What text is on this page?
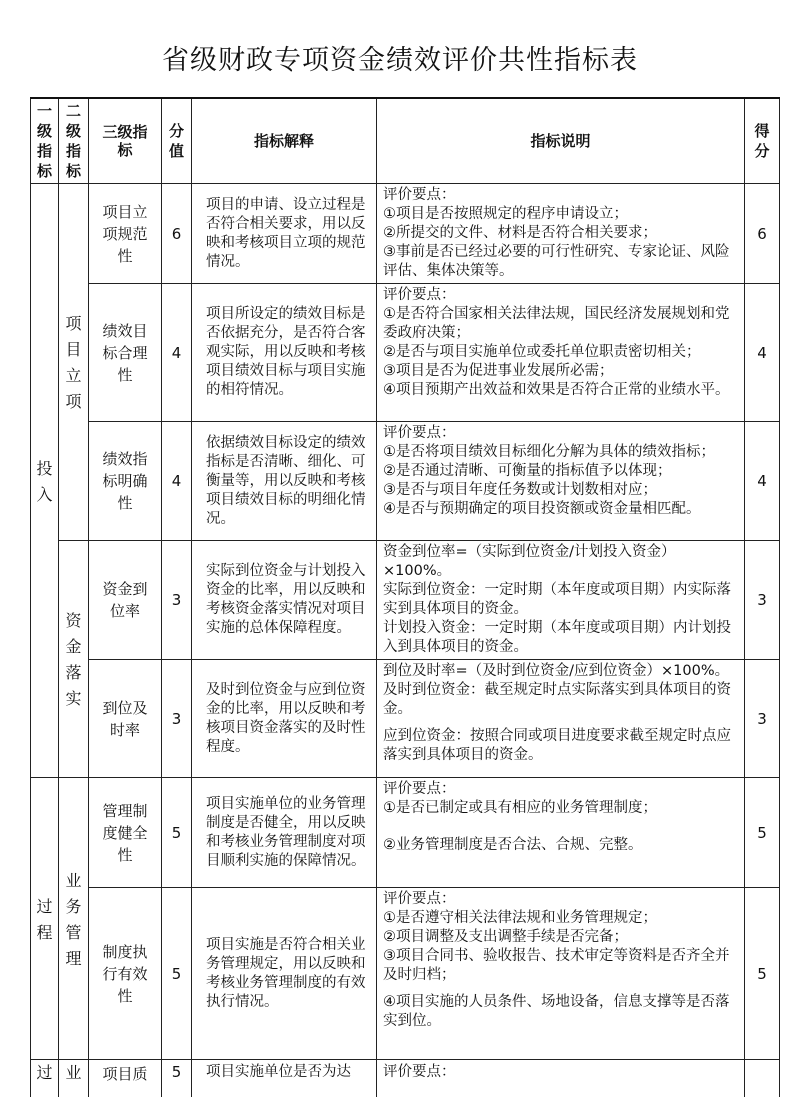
省级财政专项资金绩效评价共性指标表
一级指标	二级指标	三级指标	分值	指标解释	指标说明	得分

投入	项目立项	项目立项规范性	6	项目的申请、设立过程是否符合相关要求，用以反映和考核项目立项的规范情况。	评价要点：

①项目是否按照规定的程序申请设立；

②所提交的文件、材料是否符合相关要求；

③事前是否已经过必要的可行性研究、专家论证、风险评估、集体决策等。	6
		绩效目标合理性	4	项目所设定的绩效目标是否依据充分，是否符合客观实际，用以反映和考核项目绩效目标与项目实施的相符情况。	评价要点：

①是否符合国家相关法律法规，国民经济发展规划和党委政府决策；

②是否与项目实施单位或委托单位职责密切相关；

③项目是否为促进事业发展所必需；

④项目预期产出效益和效果是否符合正常的业绩水平。	4
		绩效指标明确性	4	依据绩效目标设定的绩效指标是否清晰、细化、可衡量等，用以反映和考核项目绩效目标的明细化情况。	评价要点：

①是否将项目绩效目标细化分解为具体的绩效指标；

②是否通过清晰、可衡量的指标值予以体现；

③是否与项目年度任务数或计划数相对应；

④是否与预期确定的项目投资额或资金量相匹配。	4

	资金落实	资金到位率	3	实际到位资金与计划投入资金的比率，用以反映和考核资金落实情况对项目实施的总体保障程度。	资金到位率=（实际到位资金/计划投入资金）×100%。

实际到位资金：一定时期（本年度或项目期）内实际落实到具体项目的资金。

计划投入资金：一定时期（本年度或项目期）内计划投入到具体项目的资金。	3
		到位及时率	3	及时到位资金与应到位资金的比率，用以反映和考核项目资金落实的及时性程度。	到位及时率=（及时到位资金/应到位资金）×100%。

及时到位资金：截至规定时点实际落实到具体项目的资金。

应到位资金：按照合同或项目进度要求截至规定时点应落实到具体项目的资金。	3

过程	业务管理	管理制度健全性	5	项目实施单位的业务管理制度是否健全，用以反映和考核业务管理制度对项目顺利实施的保障情况。	评价要点：

①是否已制定或具有相应的业务管理制度；

②业务管理制度是否合法、合规、完整。	5
		制度执行有效性	5	项目实施是否符合相关业务管理规定，用以反映和考核业务管理制度的有效执行情况。	评价要点：

①是否遵守相关法律法规和业务管理规定；

②项目调整及支出调整手续是否完备；

③项目合同书、验收报告、技术审定等资料是否齐全并及时归档；

④项目实施的人员条件、场地设备，信息支撑等是否落实到位。	5
过	业	项目质	5	项目实施单位是否为达	评价要点：	
